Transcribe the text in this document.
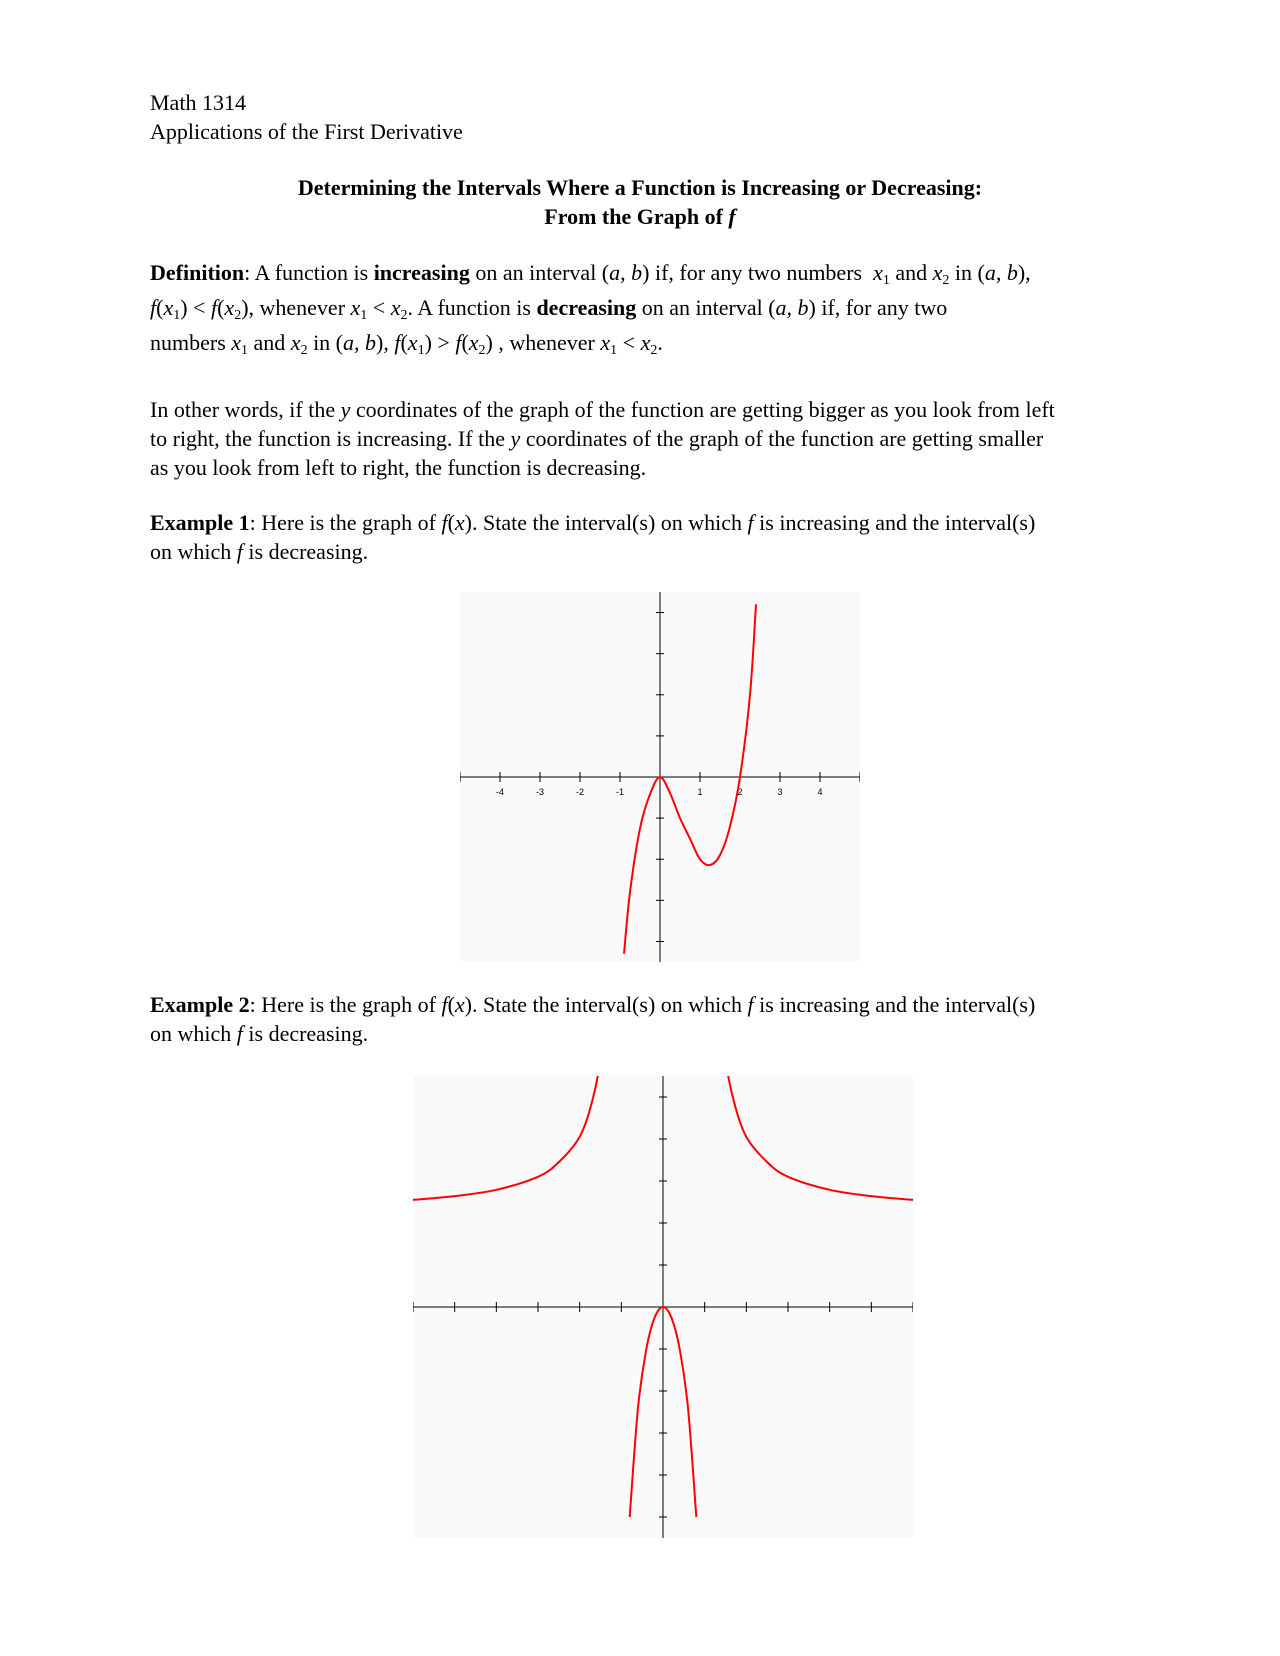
Math 1314

Applications of the First Derivative

Determining the Intervals Where a Function is Increasing or Decreasing:

From the Graph of f

Definition: A function is increasing on an interval (a, b) if, for any two numbers  $x_1$ and $x_2$ in (a, b),
$f(x_1) < f(x_2)$, whenever $x_1 < x_2$. A function is decreasing on an interval (a, b) if, for any two
numbers $x_1$ and $x_2$ in (a, b), $f(x_1) > f(x_2)$ , whenever $x_1 < x_2$.
In other words, if the y coordinates of the graph of the function are getting bigger as you look from left
to right, the function is increasing. If the y coordinates of the graph of the function are getting smaller
as you look from left to right, the function is decreasing.
Example 1: Here is the graph of f(x). State the interval(s) on which f is increasing and the interval(s)
on which f is decreasing.
-4	-3	-2	-1	1	2	3	4
Example 2: Here is the graph of f(x). State the interval(s) on which f is increasing and the interval(s)
on which f is decreasing.
